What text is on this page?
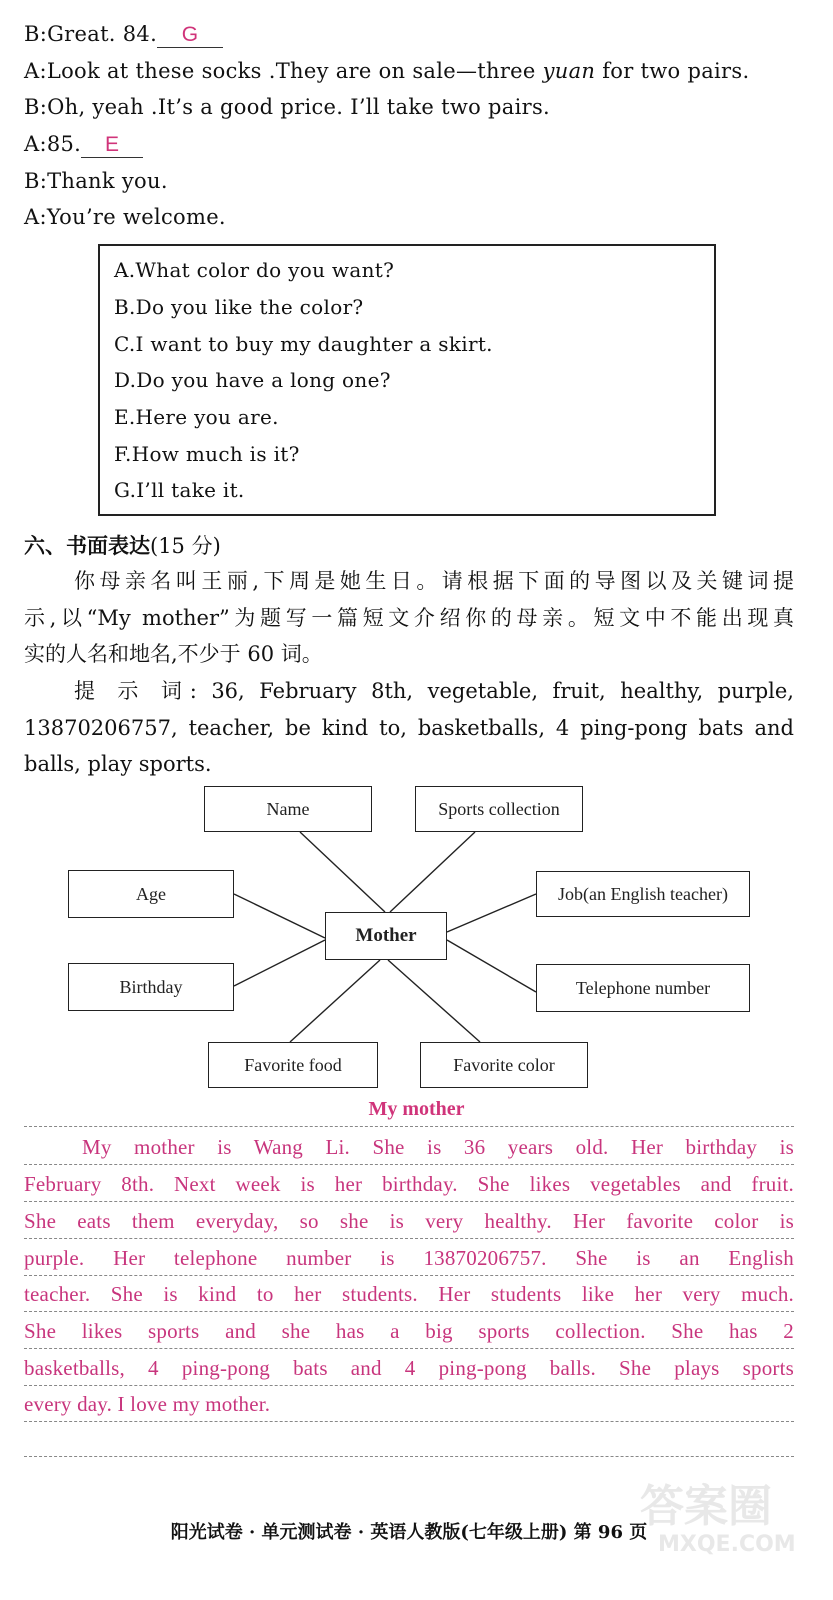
B:Great. 84. G
A:Look at these socks .They are on sale—three yuan for two pairs.
B:Oh, yeah .It’s a good price. I’ll take two pairs.
A:85. E
B:Thank you.
A:You’re welcome.
A.What color do you want?
B.Do you like the color?
C.I want to buy my daughter a skirt.
D.Do you have a long one?
E.Here you are.
F.How much is it?
G.I’ll take it.
六、书面表达(15 分)
你母亲名叫王丽,下周是她生日。请根据下面的导图以及关键词提
示,以“My mother”为题写一篇短文介绍你的母亲。短文中不能出现真
实的人名和地名,不少于 60 词。
提 示 词: 36, February 8th, vegetable, fruit, healthy, purple,
13870206757, teacher, be kind to, basketballs, 4 ping-pong bats and
balls, play sports.
Name	Sports collection
Age	Job(an English teacher)
Mother
Birthday	Telephone number
Favorite food	Favorite color
My mother
My mother is Wang Li. She is 36 years old. Her birthday is
February 8th. Next week is her birthday. She likes vegetables and fruit.
She eats them everyday, so she is very healthy. Her favorite color is
purple. Her telephone number is 13870206757. She is an English
teacher. She is kind to her students. Her students like her very much.
She likes sports and she has a big sports collection. She has 2
basketballs, 4 ping-pong bats and 4 ping-pong balls. She plays sports
every day. I love my mother.
答案圈
MXQE.COM
阳光试卷 · 单元测试卷 · 英语人教版(七年级上册) 第 96 页
